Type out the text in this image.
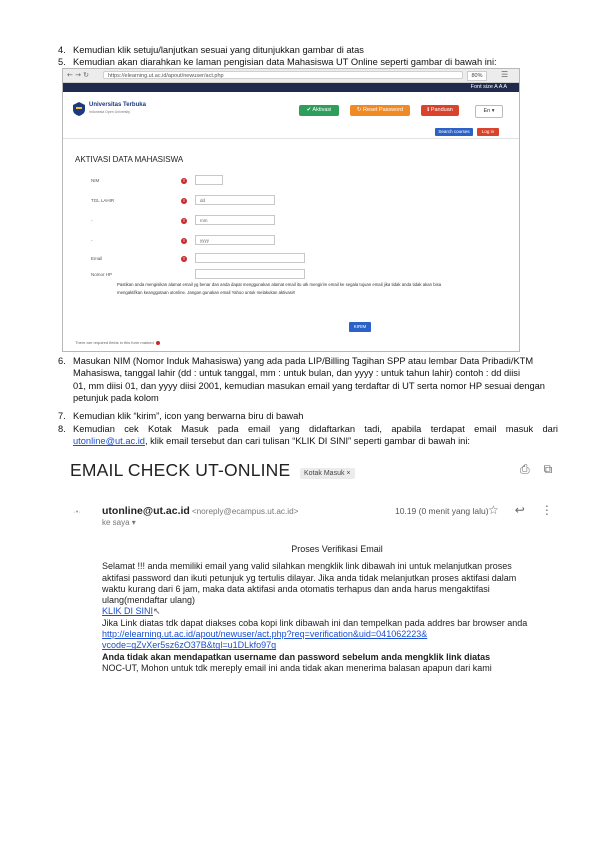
4. Kemudian klik setuju/lanjutkan sesuai yang ditunjukkan gambar di atas
5. Kemudian akan diarahkan ke laman pengisian data Mahasiswa UT Online seperti gambar di bawah ini:
← → ↻	https://elearning.ut.ac.id/apout/newuser/act.php	80%	☰
Font size A A A
Universitas Terbuka
Indonesia Open University	✔ Aktivasi	↻ Reset Password	ℹ Panduan	En ▾
Search courses	Log in
AKTIVASI DATA MAHASISWA
NIM	!
TGL LAHIR	!	dd
-	!	mm
-	!	yyyy
Email	!
Nomor HP
Pastikan anda mengisikan alamat email yg benar dan anda dapat menggunakan alamat email itu utk mengirim email ke segala tujuan email jika tidak anda tidak akan bisa mengaktifkan keanggotaan utonline. Jangan gunakan email Yahoo untuk melakukan aktivasi!!
KIRIM
There are required fields in this form marked
6. Masukan NIM (Nomor Induk Mahasiswa) yang ada pada LIP/Billing Tagihan SPP atau lembar Data Pribadi/KTM
Mahasiswa, tanggal lahir (dd : untuk tanggal, mm : untuk bulan, dan yyyy : untuk tahun lahir) contoh : dd diisi
01, mm diisi 01, dan yyyy diisi 2001, kemudian masukan email yang terdaftar di UT serta nomor HP sesuai dengan
petunjuk pada kolom
7. Kemudian klik “kirim”, icon yang berwarna biru di bawah
8. Kemudian cek Kotak Masuk pada email yang didaftarkan tadi, apabila terdapat email masuk dari
utonline@ut.ac.id, klik email tersebut dan cari tulisan “KLIK DI SINI” seperti gambar di bawah ini:
EMAIL CHECK UT-ONLINE	Kotak Masuk ×	⎙ ⧉
·•·	utonline@ut.ac.id <noreply@ecampus.ut.ac.id>
ke saya ▾
10.19 (0 menit yang lalu) ☆ ↩ ⋮

Proses Verifikasi Email

Selamat !!! anda memiliki email yang valid silahkan mengklik link dibawah ini untuk melanjutkan proses

aktifasi password dan ikuti petunjuk yg tertulis dilayar. Jika anda tidak melanjutkan proses aktifasi dalam

waktu kurang dari 6 jam, maka data aktifasi anda otomatis terhapus dan anda harus mengaktifasi

ulang(mendaftar ulang)

KLIK DI SINI↖

Jika Link diatas tdk dapat diakses coba kopi link dibawah ini dan tempelkan pada addres bar browser anda

http://elearning.ut.ac.id/apout/newuser/act.php?req=verification&uid=041062223&

vcode=gZvXer5sz6zO37B&tgl=u1DLkfo97g

Anda tidak akan mendapatkan username dan password sebelum anda mengklik link diatas

NOC-UT, Mohon untuk tdk mereply email ini anda tidak akan menerima balasan apapun dari kami
